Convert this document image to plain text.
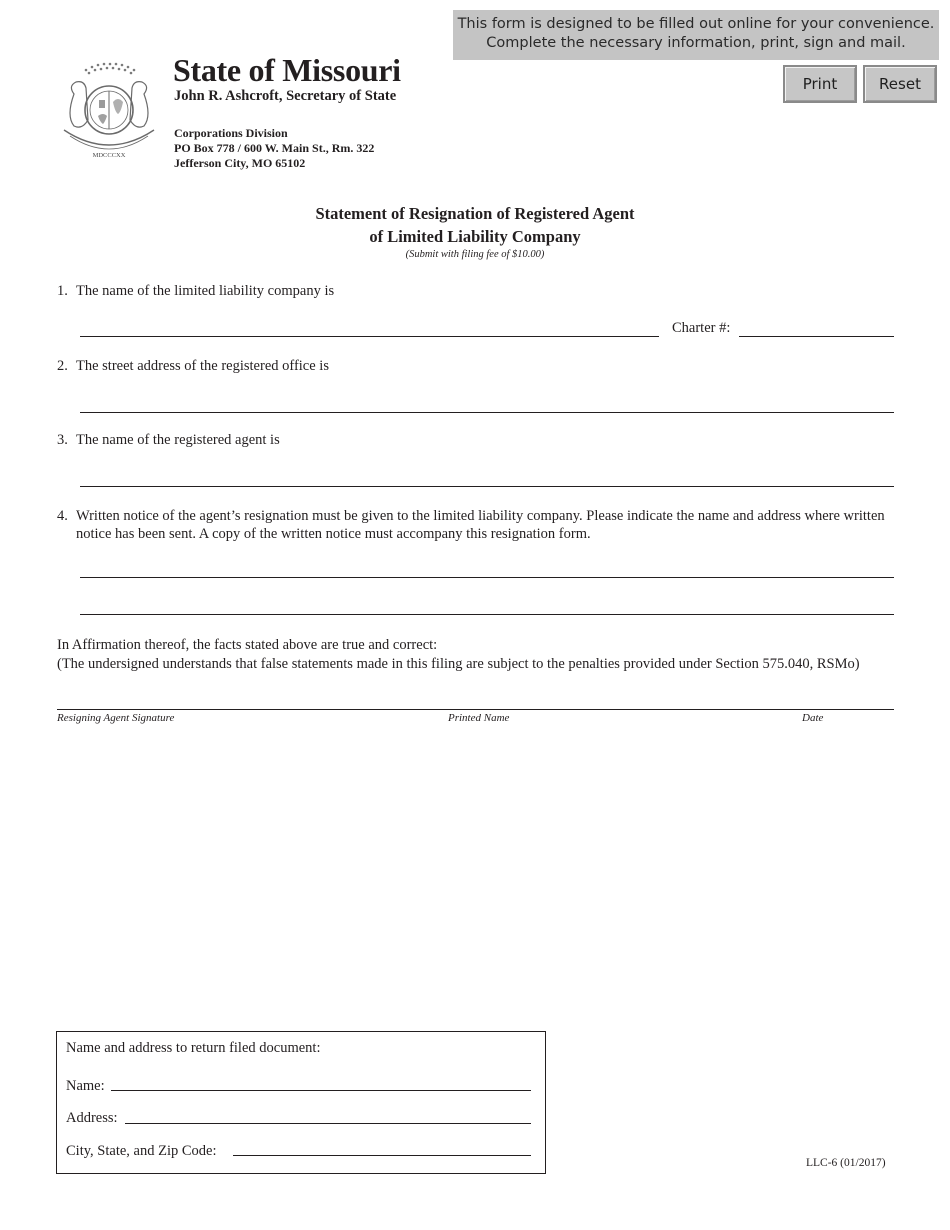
This form is designed to be filled out online for your convenience.
Complete the necessary information, print, sign and mail.
Print	Reset
MDCCCXX
State of Missouri
John R. Ashcroft, Secretary of State
Corporations Division
PO Box 778 / 600 W. Main St., Rm. 322
Jefferson City, MO 65102
Statement of Resignation of Registered Agent
of Limited Liability Company
(Submit with filing fee of $10.00)
1. The name of the limited liability company is
Charter #:
2. The street address of the registered office is
3. The name of the registered agent is
4. Written notice of the agent’s resignation must be given to the limited liability company. Please indicate the name and address where written notice has been sent. A copy of the written notice must accompany this resignation form.
In Affirmation thereof, the facts stated above are true and correct:
(The undersigned understands that false statements made in this filing are subject to the penalties provided under Section 575.040, RSMo)
Resigning Agent Signature	Printed Name	Date
Name and address to return filed document:
Name:
Address:
City, State, and Zip Code:
LLC-6 (01/2017)
